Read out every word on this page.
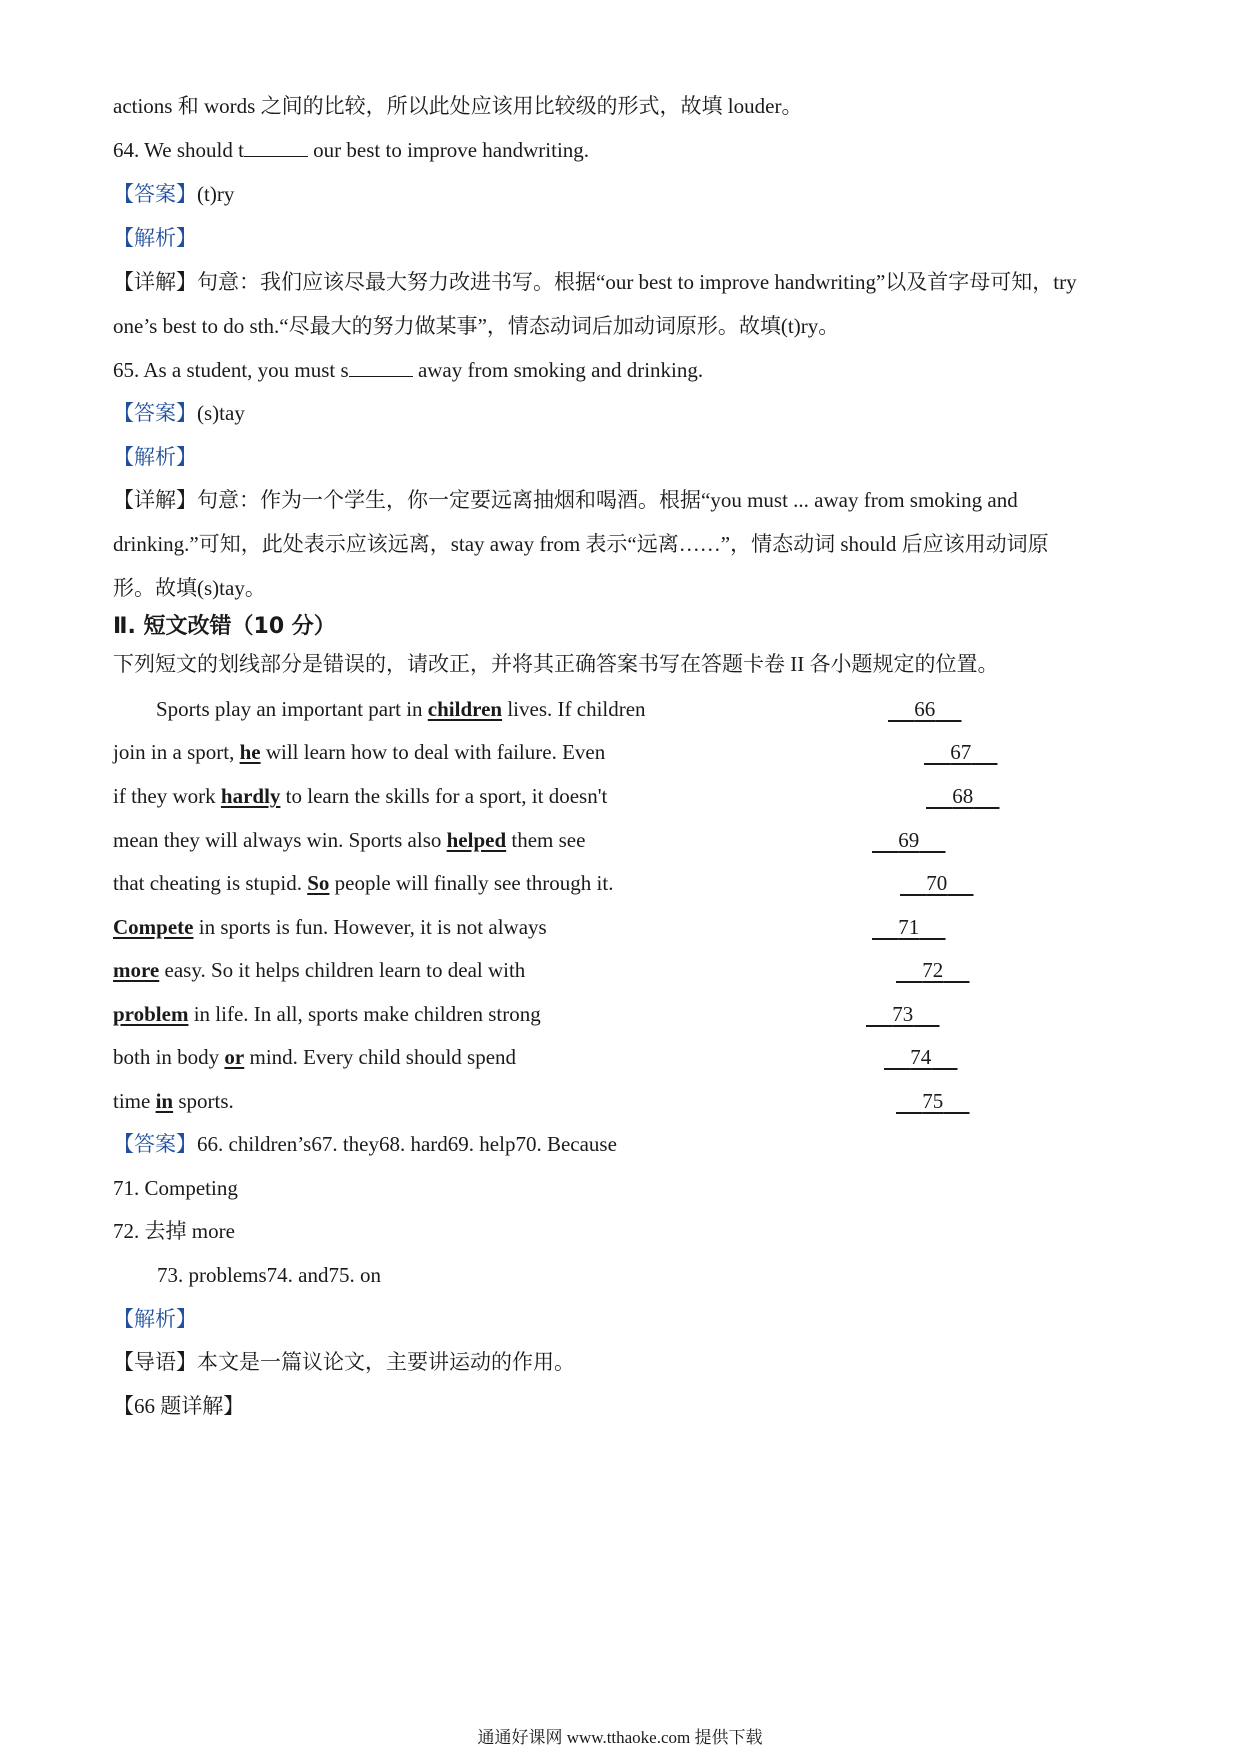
actions 和 words 之间的比较，所以此处应该用比较级的形式，故填 louder。
64. We should t	our best to improve handwriting.
【答案】(t)ry
【解析】
【详解】句意：我们应该尽最大努力改进书写。根据“our best to improve handwriting”以及首字母可知，try
one’s best to do sth.“尽最大的努力做某事”，情态动词后加动词原形。故填(t)ry。
65. As a student, you must s	away from smoking and drinking.
【答案】(s)tay
【解析】
【详解】句意：作为一个学生，你一定要远离抽烟和喝酒。根据“you must ... away from smoking and
drinking.”可知，此处表示应该远离，stay away from 表示“远离……”，情态动词 should 后应该用动词原
形。故填(s)tay。
Ⅱ. 短文改错（10 分）
下列短文的划线部分是错误的，请改正，并将其正确答案书写在答题卡卷 II 各小题规定的位置。
Sports play an important part in children lives. If children	66
join in a sport, he will learn how to deal with failure. Even	67
if they work hardly to learn the skills for a sport, it doesn't	68
mean they will always win. Sports also helped them see	69
that cheating is stupid. So people will finally see through it.	70
Compete in sports is fun. However, it is not always	71
more easy. So it helps children learn to deal with	72
problem in life. In all, sports make children strong	73
both in body or mind. Every child should spend	74
time in sports.	75
【答案】66. children’s67. they68. hard69. help70. Because
71. Competing
72. 去掉 more
73. problems74. and75. on
【解析】
【导语】本文是一篇议论文，主要讲运动的作用。
【66 题详解】
通通好课网 www.tthaoke.com 提供下载
